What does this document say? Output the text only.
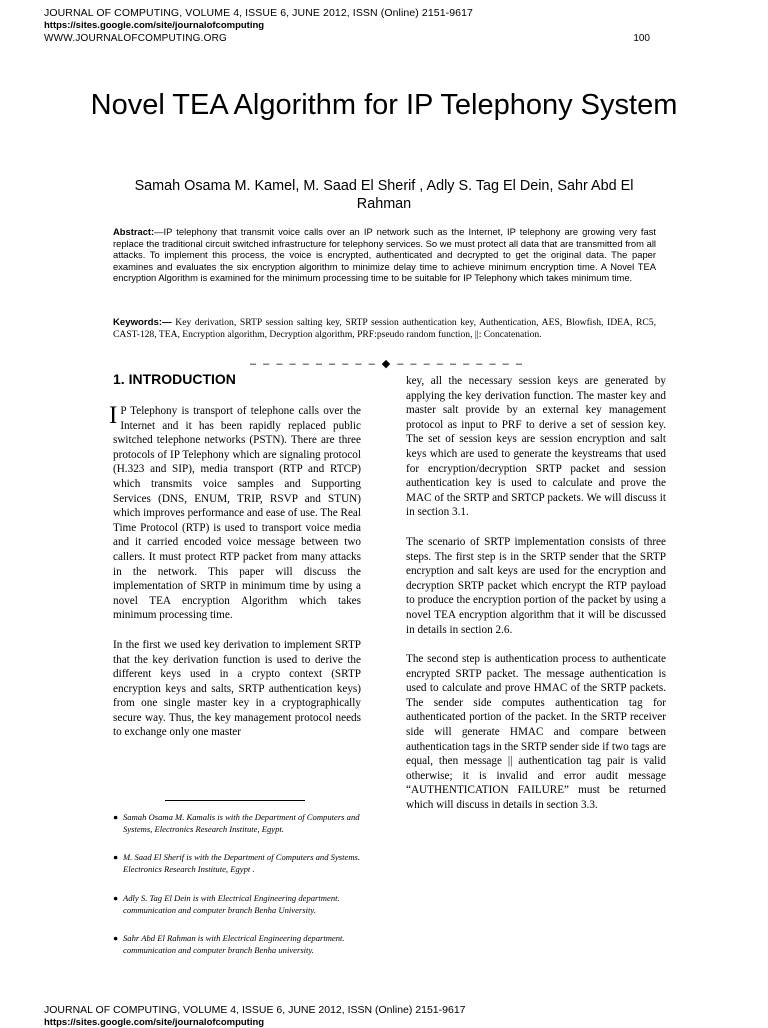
JOURNAL OF COMPUTING, VOLUME 4, ISSUE 6, JUNE 2012, ISSN (Online) 2151-9617
https://sites.google.com/site/journalofcomputing
WWW.JOURNALOFCOMPUTING.ORG	100
Novel TEA Algorithm for IP Telephony System
Samah Osama M. Kamel, M. Saad El Sherif , Adly S. Tag El Dein, Sahr Abd El Rahman
Abstract:—IP telephony that transmit voice calls over an IP network such as the Internet, IP telephony are growing very fast replace the traditional circuit switched infrastructure for telephony services. So we must protect all data that are transmitted from all attacks. To implement this process, the voice is encrypted, authenticated and decrypted to get the original data. The paper examines and evaluates the six encryption algorithm to minimize delay time to achieve minimum encryption time. A Novel TEA encryption Algorithm is examined for the minimum processing time to be suitable for IP Telephony which takes minimum time.
Keywords:— Key derivation, SRTP session salting key, SRTP session authentication key, Authentication, AES, Blowfish, IDEA, RC5, CAST-128, TEA, Encryption algorithm, Decryption algorithm, PRF:pseudo random function, ||: Concatenation.
– – – – – – – – – – ◆ – – – – – – – – – –
1. INTRODUCTION

I P Telephony is transport of telephone calls over the Internet and it has been rapidly replaced public switched telephone networks (PSTN). There are three protocols of IP Telephony which are signaling protocol (H.323 and SIP), media transport (RTP and RTCP) which transmits voice samples and Supporting Services (DNS, ENUM, TRIP, RSVP and STUN) which improves performance and ease of use. The Real Time Protocol (RTP) is used to transport voice media and it carried encoded voice message between two callers. It must protect RTP packet from many attacks in the network. This paper will discuss the implementation of SRTP in minimum time by using a novel TEA encryption Algorithm which takes minimum processing time.

In the first we used key derivation to implement SRTP that the key derivation function is used to derive the different keys used in a crypto context (SRTP encryption keys and salts, SRTP authentication keys) from one single master key in a cryptographically secure way. Thus, the key management protocol needs to exchange only one master

key, all the necessary session keys are generated by applying the key derivation function. The master key and master salt provide by an external key management protocol as input to PRF to derive a set of session key. The set of session keys are session encryption and salt keys which are used to generate the keystreams that used for encryption/decryption SRTP packet and session authentication key is used to calculate and prove the MAC of the SRTP and SRTCP packets. We will discuss it in section 3.1.

The scenario of SRTP implementation consists of three steps. The first step is in the SRTP sender that the SRTP encryption and salt keys are used for the encryption and decryption SRTP packet which encrypt the RTP payload to produce the encryption portion of the packet by using a novel TEA encryption algorithm that it will be discussed in details in section 2.6.

The second step is authentication process to authenticate encrypted SRTP packet. The message authentication is used to calculate and prove HMAC of the SRTP packets. The sender side computes authentication tag for authenticated portion of the packet. In the SRTP receiver side will generate HMAC and compare between authentication tags in the SRTP sender side if two tags are equal, then message || authentication tag pair is valid otherwise; it is invalid and error audit message “AUTHENTICATION FAILURE” must be returned which will discuss in details in section 3.3.

● Samah Osama M. Kamalis is with the Department of Computers and Systems, Electronics Research Institute, Egypt.
● M. Saad El Sherif is with the Department of Computers and Systems. Electronics Research Institute, Egypt .
● Adly S. Tag El Dein is with Electrical Engineering department. communication and computer branch Benha University.
● Sahr Abd El Rahman is with Electrical Engineering department. communication and computer branch Benha university.
JOURNAL OF COMPUTING, VOLUME 4, ISSUE 6, JUNE 2012, ISSN (Online) 2151-9617
https://sites.google.com/site/journalofcomputing
